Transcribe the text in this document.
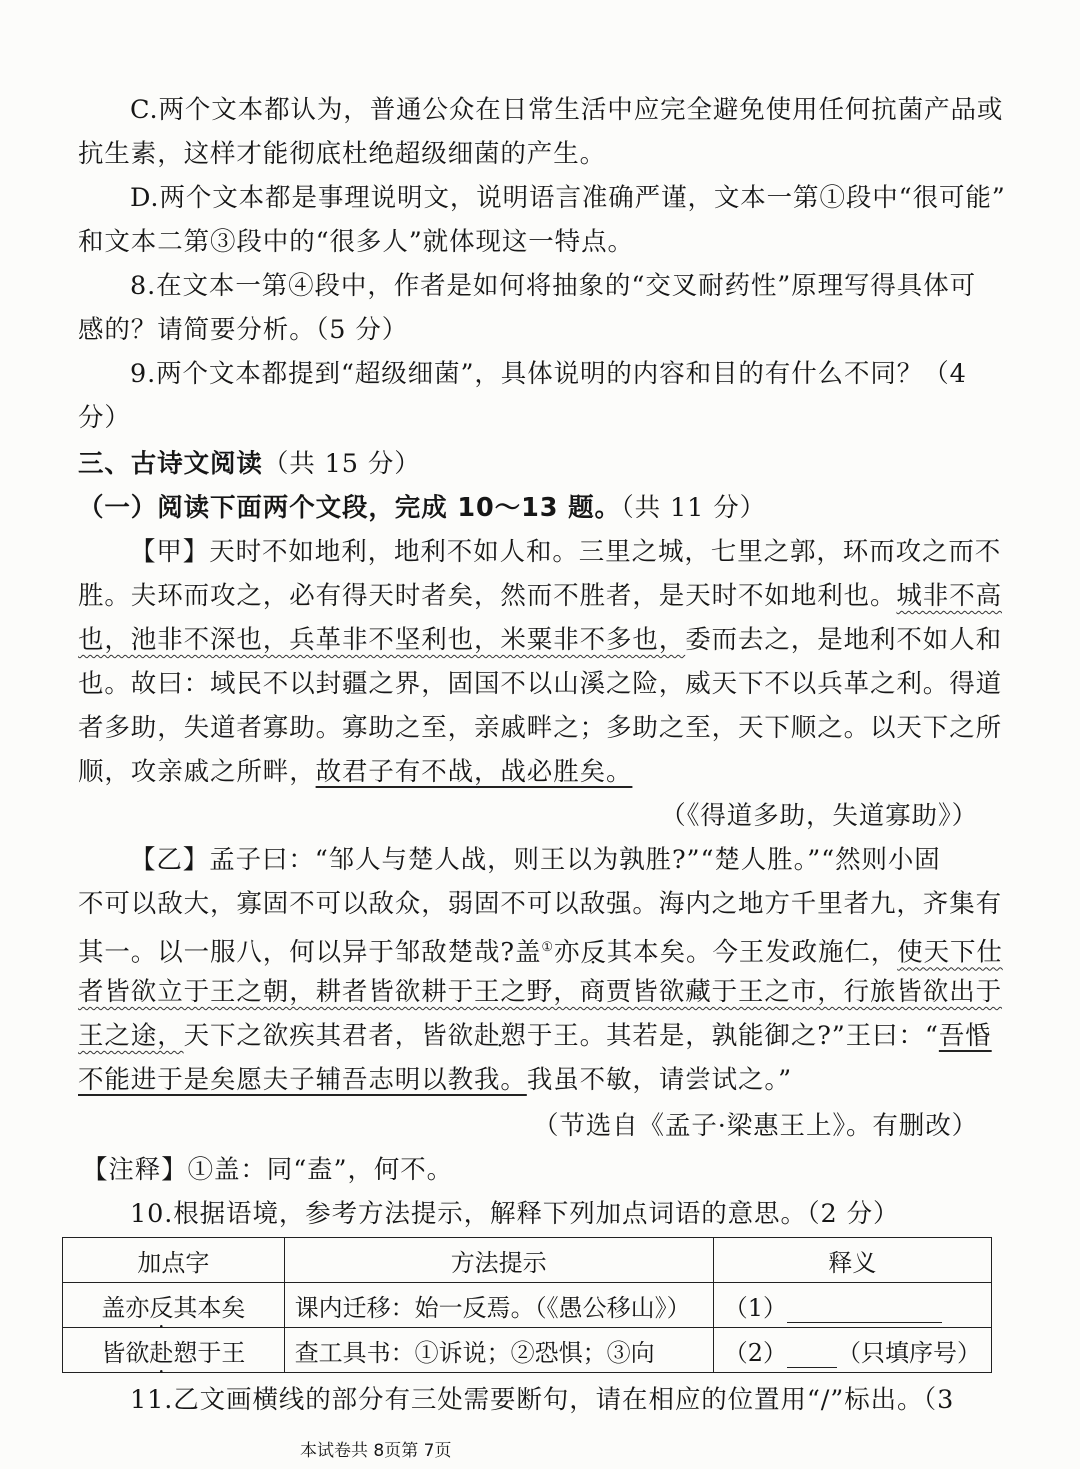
C.两个文本都认为，普通公众在日常生活中应完全避免使用任何抗菌产品或
抗生素，这样才能彻底杜绝超级细菌的产生。
D.两个文本都是事理说明文，说明语言准确严谨，文本一第①段中“很可能”
和文本二第③段中的“很多人”就体现这一特点。
8.在文本一第④段中，作者是如何将抽象的“交叉耐药性”原理写得具体可
感的？请简要分析。（5 分）
9.两个文本都提到“超级细菌”，具体说明的内容和目的有什么不同？（4
分）
三、古诗文阅读（共 15 分）
（一）阅读下面两个文段，完成 10～13 题。（共 11 分）
【甲】天时不如地利，地利不如人和。三里之城，七里之郭，环而攻之而不
胜。夫环而攻之，必有得天时者矣，然而不胜者，是天时不如地利也。城非不高
也，池非不深也，兵革非不坚利也，米粟非不多也，委而去之，是地利不如人和
也。故曰：域民不以封疆之界，固国不以山溪之险，威天下不以兵革之利。得道
者多助，失道者寡助。寡助之至，亲戚畔之；多助之至，天下顺之。以天下之所
顺，攻亲戚之所畔，故君子有不战，战必胜矣。
（《得道多助，失道寡助》）
【乙】孟子曰：“邹人与楚人战，则王以为孰胜?”“楚人胜。”“然则小固
不可以敌大，寡固不可以敌众，弱固不可以敌强。海内之地方千里者九，齐集有
其一。以一服八，何以异于邹敌楚哉?盖①亦反其本矣。今王发政施仁，使天下仕
者皆欲立于王之朝，耕者皆欲耕于王之野，商贾皆欲藏于王之市，行旅皆欲出于
王之途，天下之欲疾其君者，皆欲赴愬于王。其若是，孰能御之?”王曰：“吾惛
不能进于是矣愿夫子辅吾志明以教我。我虽不敏，请尝试之。”
（节选自《孟子·梁惠王上》。有删改）
【注释】①盖：同“盍”，何不。
10.根据语境，参考方法提示，解释下列加点词语的意思。（2 分）
加点字	方法提示	释义
盖亦反其本矣	课内迁移：始一反焉。（《愚公移山》）	（1）
皆欲赴愬于王	查工具书：①诉说；②恐惧；③向	（2） （只填序号）
11.乙文画横线的部分有三处需要断句，请在相应的位置用“/”标出。（3
本试卷共 8页第 7页
